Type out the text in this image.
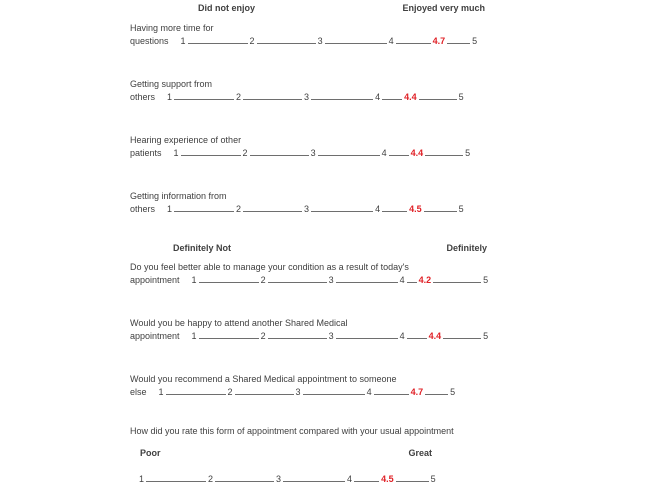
Did not enjoy	Enjoyed very much
Having more time for
questions 1	2	3	4	4.7	5
Getting support from
others 1	2	3	4	4.4	5
Hearing experience of other
patients 1	2	3	4	4.4	5
Getting information from
others 1	2	3	4	4.5	5
Definitely Not	Definitely
Do you feel better able to manage your condition as a result of today's
appointment 1	2	3	4 4.2	5
Would you be happy to attend another Shared Medical
appointment 1	2	3	4	4.4	5
Would you recommend a Shared Medical appointment to someone
else 1	2	3	4	4.7	5
How did you rate this form of appointment compared with your usual appointment
Poor	Great
1	2	3	4	4.5	5
